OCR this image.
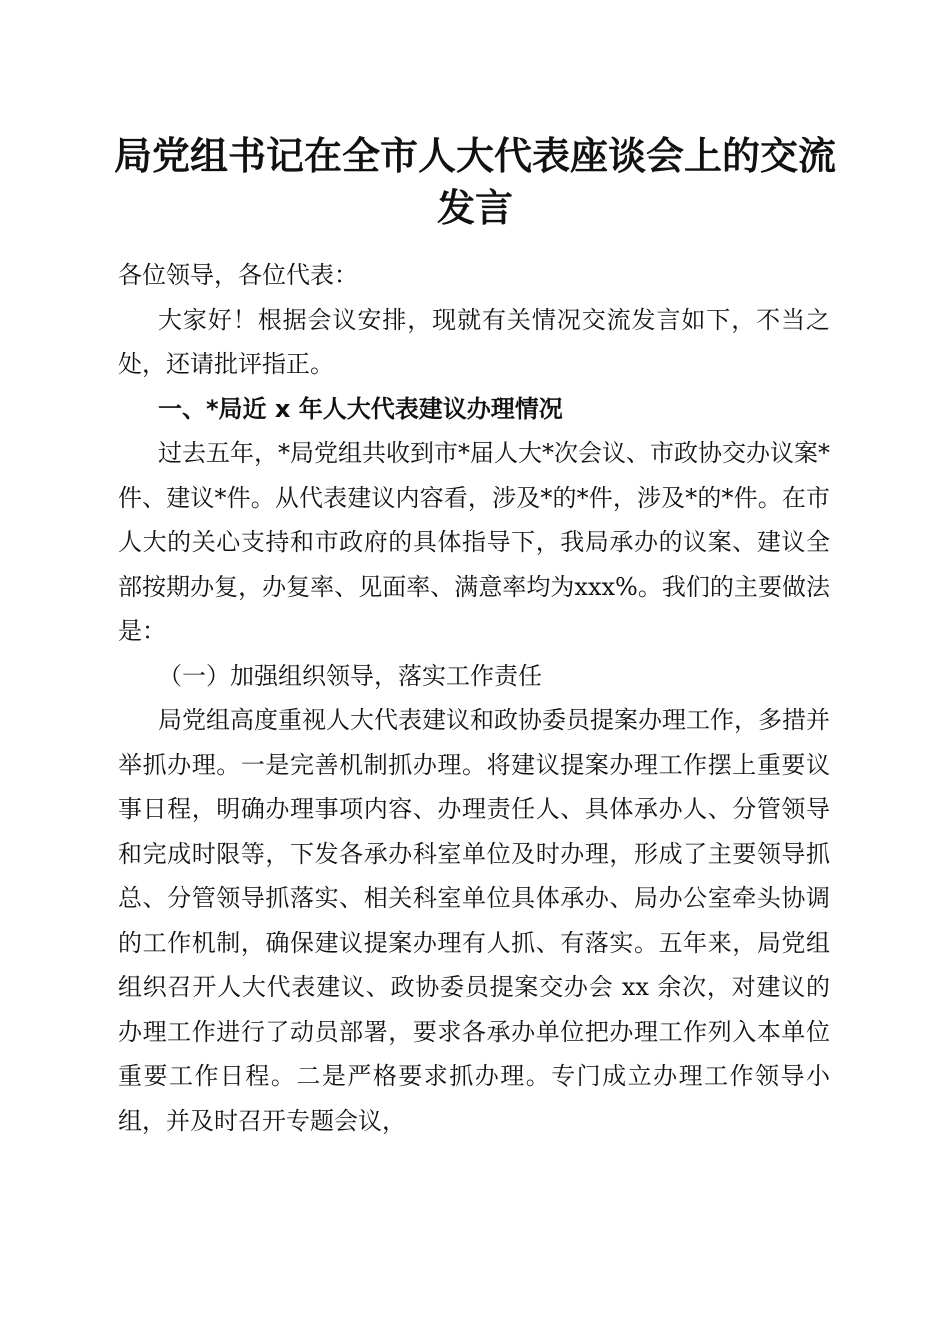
局党组书记在全市人大代表座谈会上的交流发言

各位领导，各位代表：

大家好！根据会议安排，现就有关情况交流发言如下，不当之处，还请批评指正。

一、*局近 x 年人大代表建议办理情况

过去五年，*局党组共收到市*届人大*次会议、市政协交办议案*件、建议*件。从代表建议内容看，涉及*的*件，涉及*的*件。在市人大的关心支持和市政府的具体指导下，我局承办的议案、建议全部按期办复，办复率、见面率、满意率均为xxx%。我们的主要做法是：

（一）加强组织领导，落实工作责任

局党组高度重视人大代表建议和政协委员提案办理工作，多措并举抓办理。一是完善机制抓办理。将建议提案办理工作摆上重要议事日程，明确办理事项内容、办理责任人、具体承办人、分管领导和完成时限等，下发各承办科室单位及时办理，形成了主要领导抓总、分管领导抓落实、相关科室单位具体承办、局办公室牵头协调的工作机制，确保建议提案办理有人抓、有落实。五年来，局党组组织召开人大代表建议、政协委员提案交办会 xx 余次，对建议的办理工作进行了动员部署，要求各承办单位把办理工作列入本单位重要工作日程。二是严格要求抓办理。专门成立办理工作领导小组，并及时召开专题会议，
